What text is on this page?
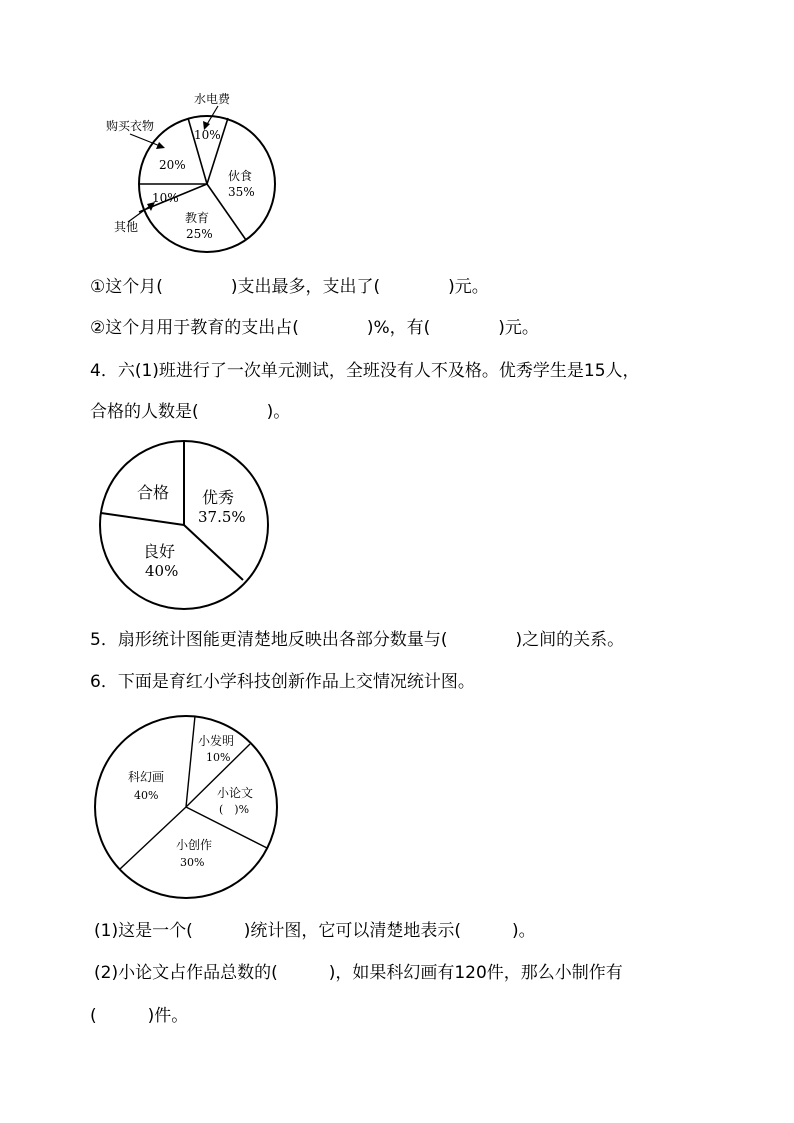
水电费
购买衣物
其他
伙食
教育
10%
20%
35%
10%
25%
①这个月(　　　　)支出最多，支出了(　　　　)元。
②这个月用于教育的支出占(　　　　)%，有(　　　　)元。
4．六(1)班进行了一次单元测试，全班没有人不及格。优秀学生是15人，
合格的人数是(　　　　)。
合格 优秀
37.5%
良好
40%
5．扇形统计图能更清楚地反映出各部分数量与(　　　　)之间的关系。
6．下面是育红小学科技创新作品上交情况统计图。
小发明
10%
小论文
(　)%
小创作
30%
科幻画
40%
(1)这是一个(　　　)统计图，它可以清楚地表示(　　　)。
(2)小论文占作品总数的(　　　)，如果科幻画有120件，那么小制作有
(　　　)件。
